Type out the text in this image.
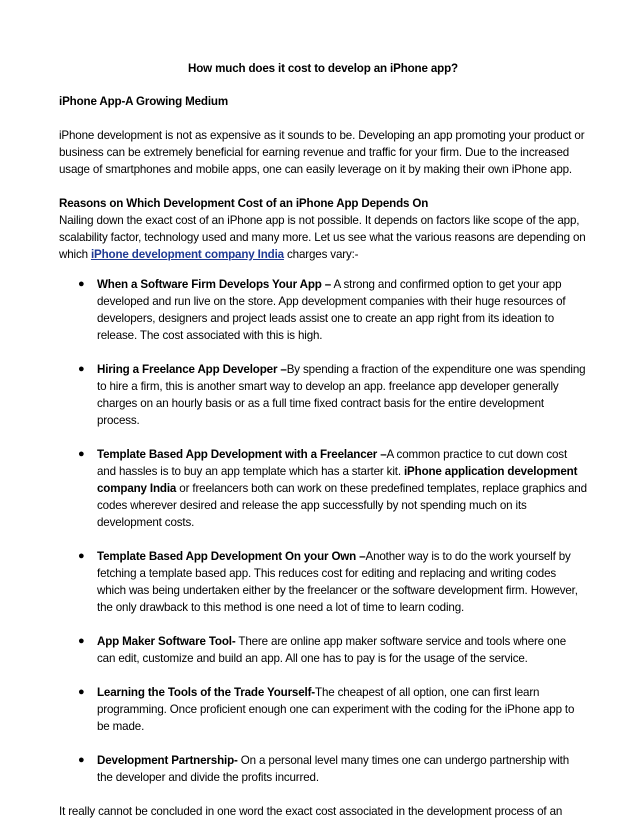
How much does it cost to develop an iPhone app?

iPhone App-A Growing Medium

iPhone development is not as expensive as it sounds to be. Developing an app promoting your product or business can be extremely beneficial for earning revenue and traffic for your firm. Due to the increased usage of smartphones and mobile apps, one can easily leverage on it by making their own iPhone app.

Reasons on Which Development Cost of an iPhone App Depends On

Nailing down the exact cost of an iPhone app is not possible. It depends on factors like scope of the app, scalability factor, technology used and many more. Let us see what the various reasons are depending on which iPhone development company India charges vary:-

● When a Software Firm Develops Your App – A strong and confirmed option to get your app developed and run live on the store. App development companies with their huge resources of developers, designers and project leads assist one to create an app right from its ideation to release. The cost associated with this is high.
● Hiring a Freelance App Developer –By spending a fraction of the expenditure one was spending to hire a firm, this is another smart way to develop an app. freelance app developer generally charges on an hourly basis or as a full time fixed contract basis for the entire development process.
● Template Based App Development with a Freelancer –A common practice to cut down cost and hassles is to buy an app template which has a starter kit. iPhone application development company India or freelancers both can work on these predefined templates, replace graphics and codes wherever desired and release the app successfully by not spending much on its development costs.
● Template Based App Development On your Own –Another way is to do the work yourself by fetching a template based app. This reduces cost for editing and replacing and writing codes which was being undertaken either by the freelancer or the software development firm. However, the only drawback to this method is one need a lot of time to learn coding.
● App Maker Software Tool- There are online app maker software service and tools where one can edit, customize and build an app. All one has to pay is for the usage of the service.
● Learning the Tools of the Trade Yourself-The cheapest of all option, one can first learn programming. Once proficient enough one can experiment with the coding for the iPhone app to be made.
● Development Partnership- On a personal level many times one can undergo partnership with the developer and divide the profits incurred.

It really cannot be concluded in one word the exact cost associated in the development process of an
